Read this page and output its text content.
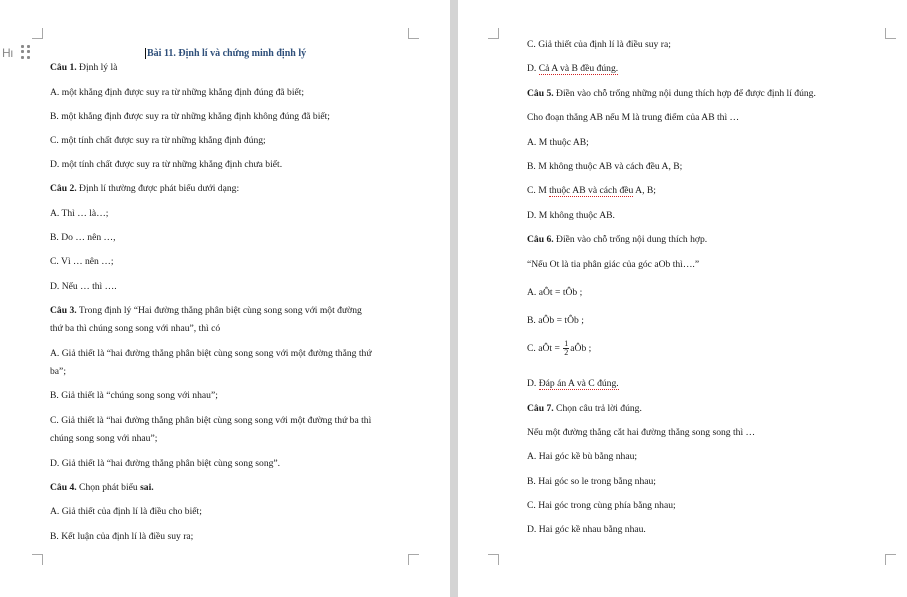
Hı	Bài 11. Định lí và chứng minh định lý
Câu 1. Định lý là
A. một khẳng định được suy ra từ những khẳng định đúng đã biết;
B. một khẳng định được suy ra từ những khẳng định không đúng đã biết;
C. một tính chất được suy ra từ những khẳng định đúng;
D. một tính chất được suy ra từ những khẳng định chưa biết.
Câu 2. Định lí thường được phát biểu dưới dạng:
A. Thì … là…;
B. Do … nên …,
C. Vì … nên …;
D. Nếu … thì ….
Câu 3. Trong định lý “Hai đường thẳng phân biệt cùng song song với một đường
thứ ba thì chúng song song với nhau”, thì có
A. Giả thiết là “hai đường thẳng phân biệt cùng song song với một đường thẳng thứ
ba”;
B. Giả thiết là “chúng song song với nhau”;
C. Giả thiết là “hai đường thẳng phân biệt cùng song song với một đường thứ ba thì
chúng song song với nhau”;
D. Giả thiết là “hai đường thẳng phân biệt cùng song song”.
Câu 4. Chọn phát biểu sai.
A. Giả thiết của định lí là điều cho biết;
B. Kết luận của định lí là điều suy ra;
C. Giả thiết của định lí là điều suy ra;
D. Cả A và B đều đúng.
Câu 5. Điền vào chỗ trống những nội dung thích hợp để được định lí đúng.
Cho đoạn thẳng AB nếu M là trung điểm của AB thì …
A. M thuộc AB;
B. M không thuộc AB và cách đều A, B;
C. M thuộc AB và cách đều A, B;
D. M không thuộc AB.
Câu 6. Điền vào chỗ trống nội dung thích hợp.
“Nếu Ot là tia phân giác của góc aOb thì….”
A. aÔt = tÔb ;
B. aÔb = tÔb ;
C. aÔt = $\frac{1}{2}$ aÔb ;
D. Đáp án A và C đúng.
Câu 7. Chọn câu trả lời đúng.
Nếu một đường thẳng cắt hai đường thẳng song song thì …
A. Hai góc kề bù bằng nhau;
B. Hai góc so le trong bằng nhau;
C. Hai góc trong cùng phía bằng nhau;
D. Hai góc kề nhau bằng nhau.
